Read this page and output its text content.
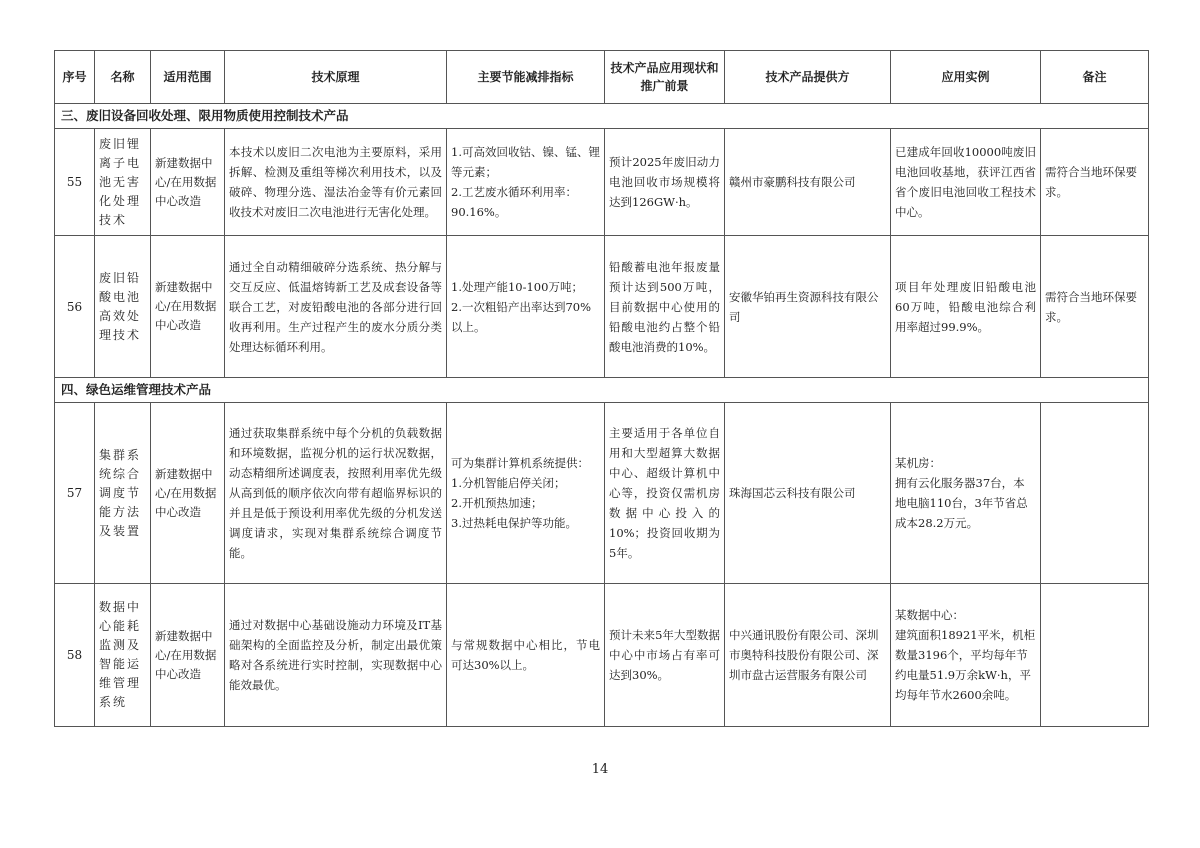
序号	名称	适用范围	技术原理	主要节能减排指标	技术产品应用现状和推广前景	技术产品提供方	应用实例	备注
三、废旧设备回收处理、限用物质使用控制技术产品								
55	废旧锂离子电池无害化处理技术	新建数据中心/在用数据中心改造	本技术以废旧二次电池为主要原料，采用拆解、检测及重组等梯次利用技术，以及破碎、物理分选、湿法冶金等有价元素回收技术对废旧二次电池进行无害化处理。	1.可高效回收钴、镍、锰、锂等元素；
2.工艺废水循环利用率：90.16%。	预计2025年废旧动力电池回收市场规模将达到126GW·h。	赣州市豪鹏科技有限公司	已建成年回收10000吨废旧电池回收基地，获评江西省省个废旧电池回收工程技术中心。	需符合当地环保要求。
56	废旧铅酸电池高效处理技术	新建数据中心/在用数据中心改造	通过全自动精细破碎分选系统、热分解与交互反应、低温熔铸新工艺及成套设备等联合工艺，对废铅酸电池的各部分进行回收再利用。生产过程产生的废水分质分类处理达标循环利用。	1.处理产能10-100万吨；
2.一次粗铅产出率达到70%以上。	铅酸蓄电池年报废量预计达到500万吨，目前数据中心使用的铅酸电池约占整个铅酸电池消费的10%。	安徽华铂再生资源科技有限公司	项目年处理废旧铅酸电池60万吨，铅酸电池综合利用率超过99.9%。	需符合当地环保要求。
四、绿色运维管理技术产品								
57	集群系统综合调度节能方法及装置	新建数据中心/在用数据中心改造	通过获取集群系统中每个分机的负载数据和环境数据，监视分机的运行状况数据，动态精细所述调度表，按照利用率优先级从高到低的顺序依次向带有超临界标识的并且是低于预设利用率优先级的分机发送调度请求，实现对集群系统综合调度节能。	可为集群计算机系统提供：
1.分机智能启停关闭；
2.开机预热加速；
3.过热耗电保护等功能。	主要适用于各单位自用和大型超算大数据中心、超级计算机中心等，投资仅需机房数据中心投入的10%；投资回收期为5年。	珠海国芯云科技有限公司	某机房：
拥有云化服务器37台，本地电脑110台，3年节省总成本28.2万元。	
58	数据中心能耗监测及智能运维管理系统	新建数据中心/在用数据中心改造	通过对数据中心基础设施动力环境及IT基础架构的全面监控及分析，制定出最优策略对各系统进行实时控制，实现数据中心能效最优。	与常规数据中心相比，节电可达30%以上。	预计未来5年大型数据中心中市场占有率可达到30%。	中兴通讯股份有限公司、深圳市奥特科技股份有限公司、深圳市盘古运营服务有限公司	某数据中心：
建筑面积18921平米，机柜数量3196个，平均每年节约电量51.9万余kW·h，平均每年节水2600余吨。	
14
